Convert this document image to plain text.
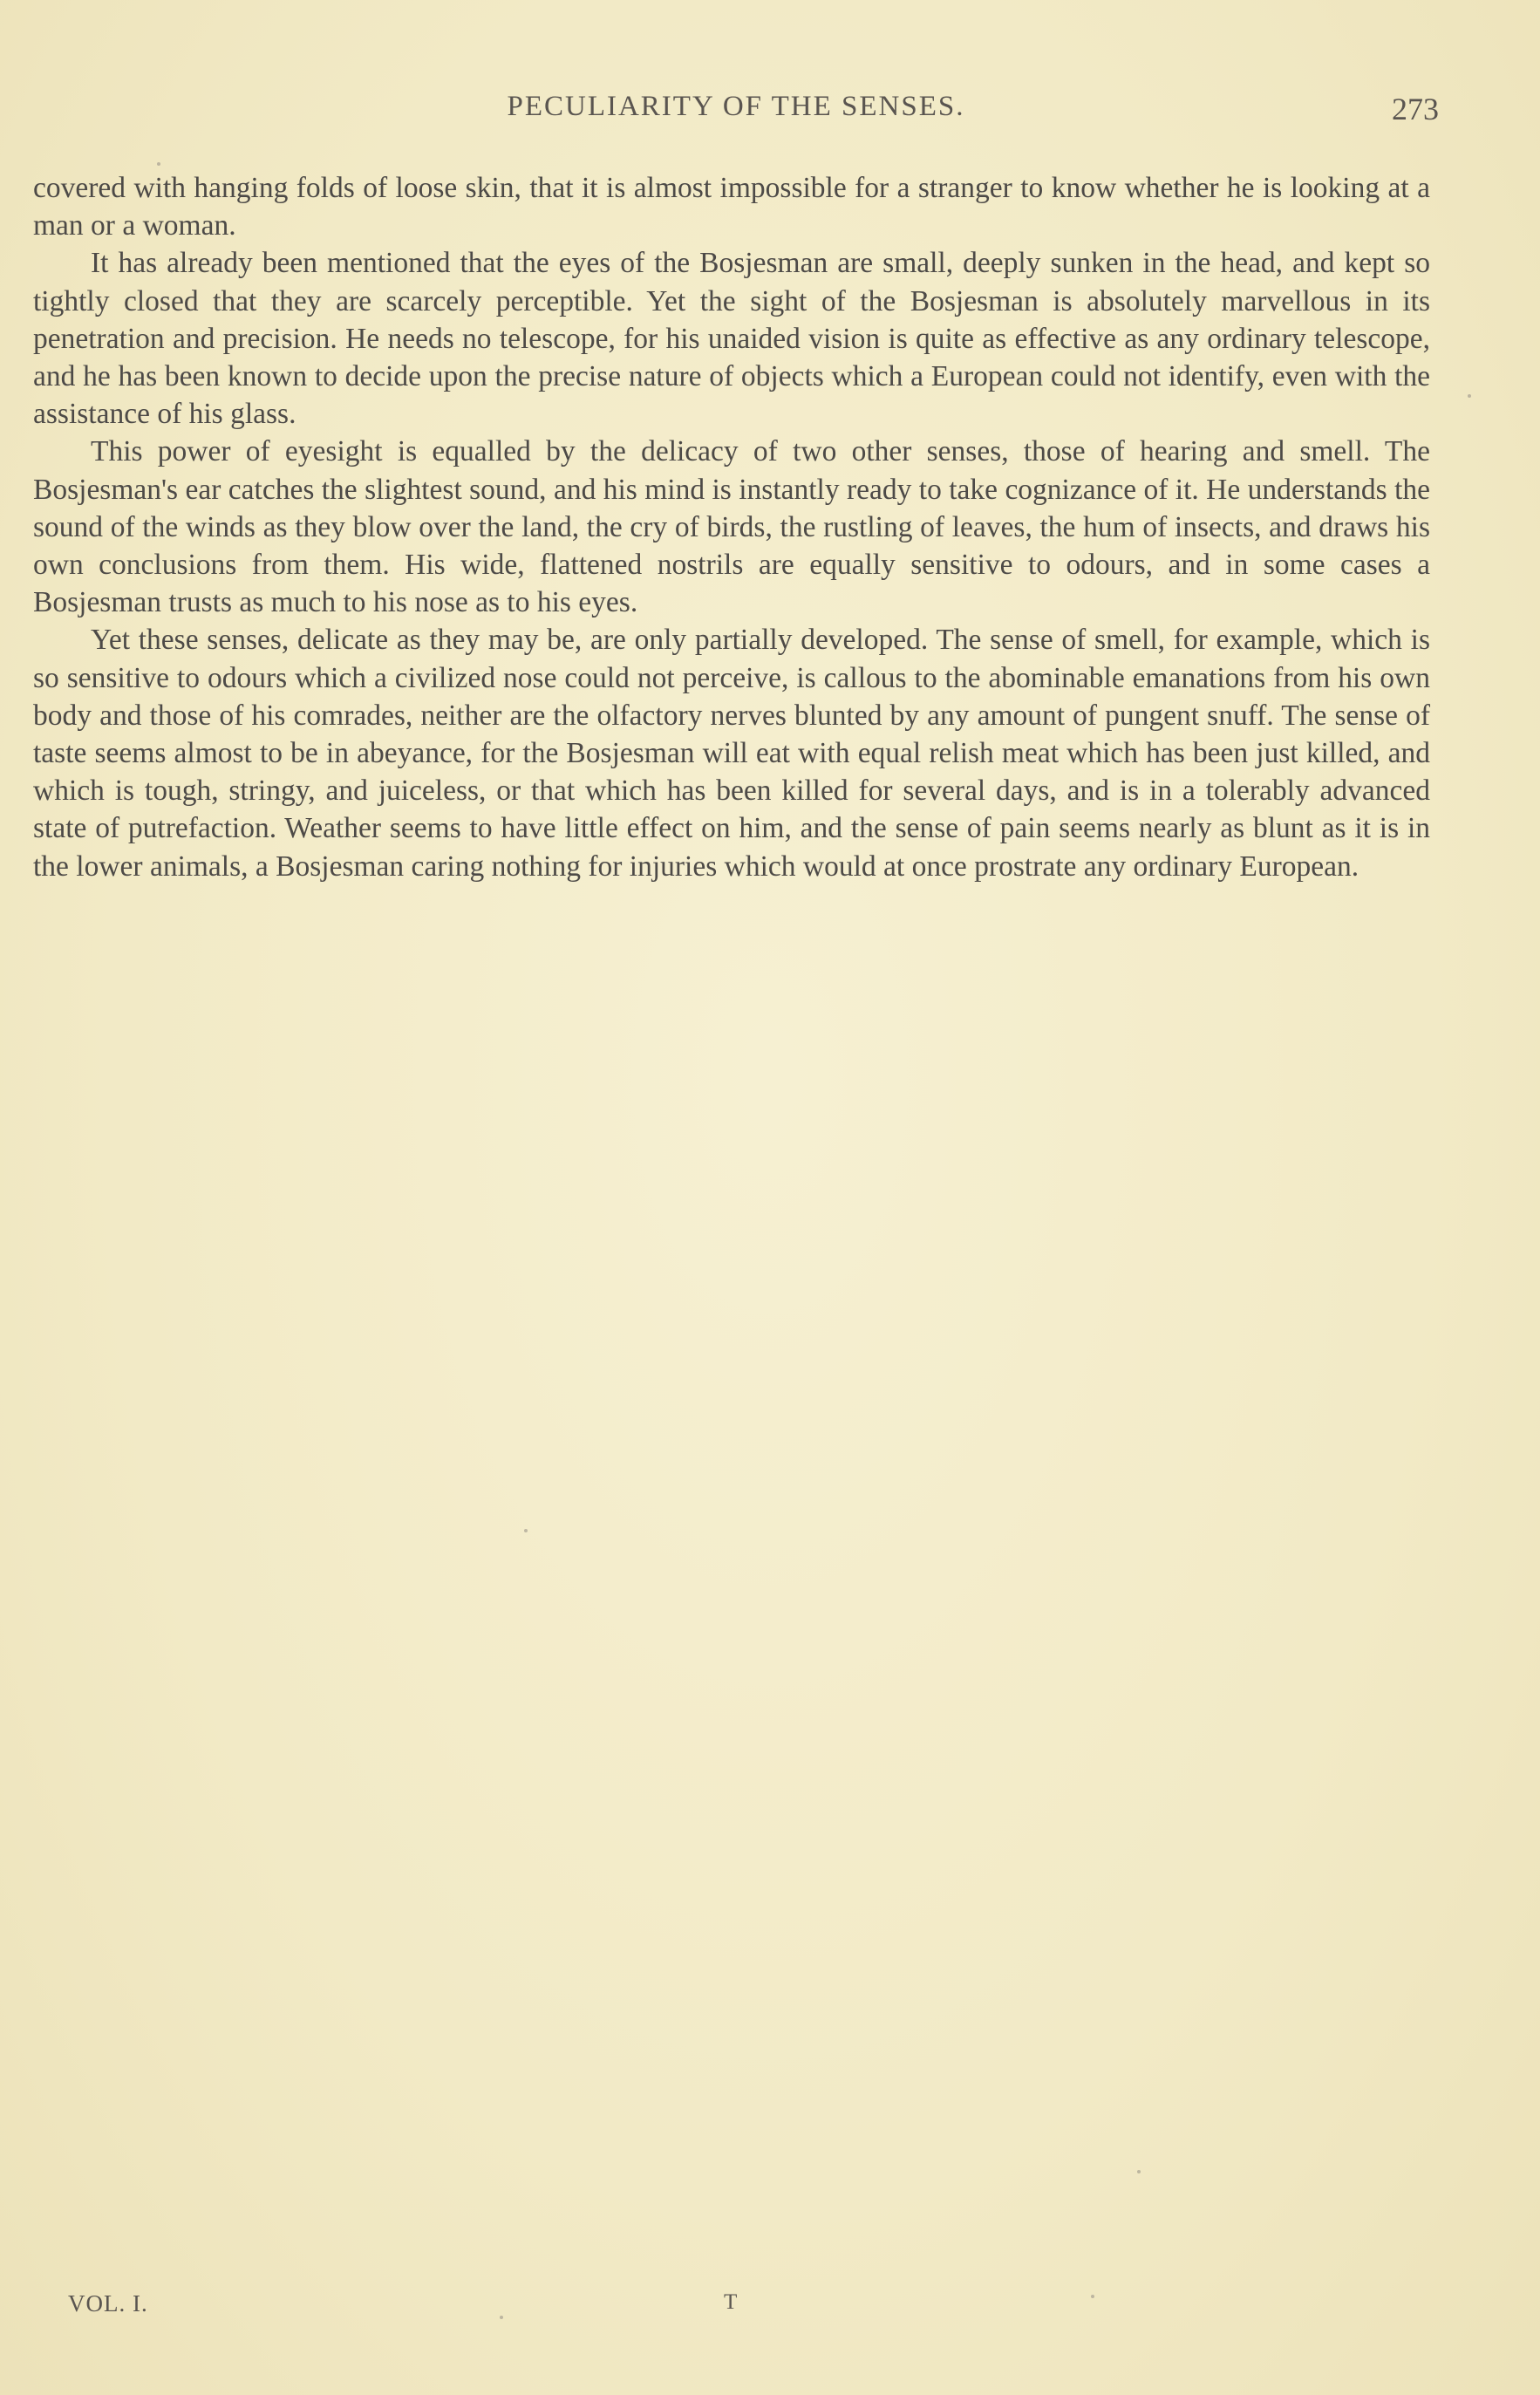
PECULIARITY OF THE SENSES.	273

covered with hanging folds of loose skin, that it is almost impossible for a stranger to know whether he is looking at a man or a woman.

It has already been mentioned that the eyes of the Bosjesman are small, deeply sunken in the head, and kept so tightly closed that they are scarcely perceptible. Yet the sight of the Bosjesman is absolutely marvellous in its penetration and precision. He needs no telescope, for his unaided vision is quite as effective as any ordinary telescope, and he has been known to decide upon the precise nature of objects which a European could not identify, even with the assistance of his glass.

This power of eyesight is equalled by the delicacy of two other senses, those of hearing and smell. The Bosjesman's ear catches the slightest sound, and his mind is instantly ready to take cognizance of it. He understands the sound of the winds as they blow over the land, the cry of birds, the rustling of leaves, the hum of insects, and draws his own conclusions from them. His wide, flattened nostrils are equally sensitive to odours, and in some cases a Bosjesman trusts as much to his nose as to his eyes.

Yet these senses, delicate as they may be, are only partially developed. The sense of smell, for example, which is so sensitive to odours which a civilized nose could not perceive, is callous to the abominable emanations from his own body and those of his comrades, neither are the olfactory nerves blunted by any amount of pungent snuff. The sense of taste seems almost to be in abeyance, for the Bosjesman will eat with equal relish meat which has been just killed, and which is tough, stringy, and juiceless, or that which has been killed for several days, and is in a tolerably advanced state of putrefaction. Weather seems to have little effect on him, and the sense of pain seems nearly as blunt as it is in the lower animals, a Bosjesman caring nothing for injuries which would at once prostrate any ordinary European.

VOL. I.	T
